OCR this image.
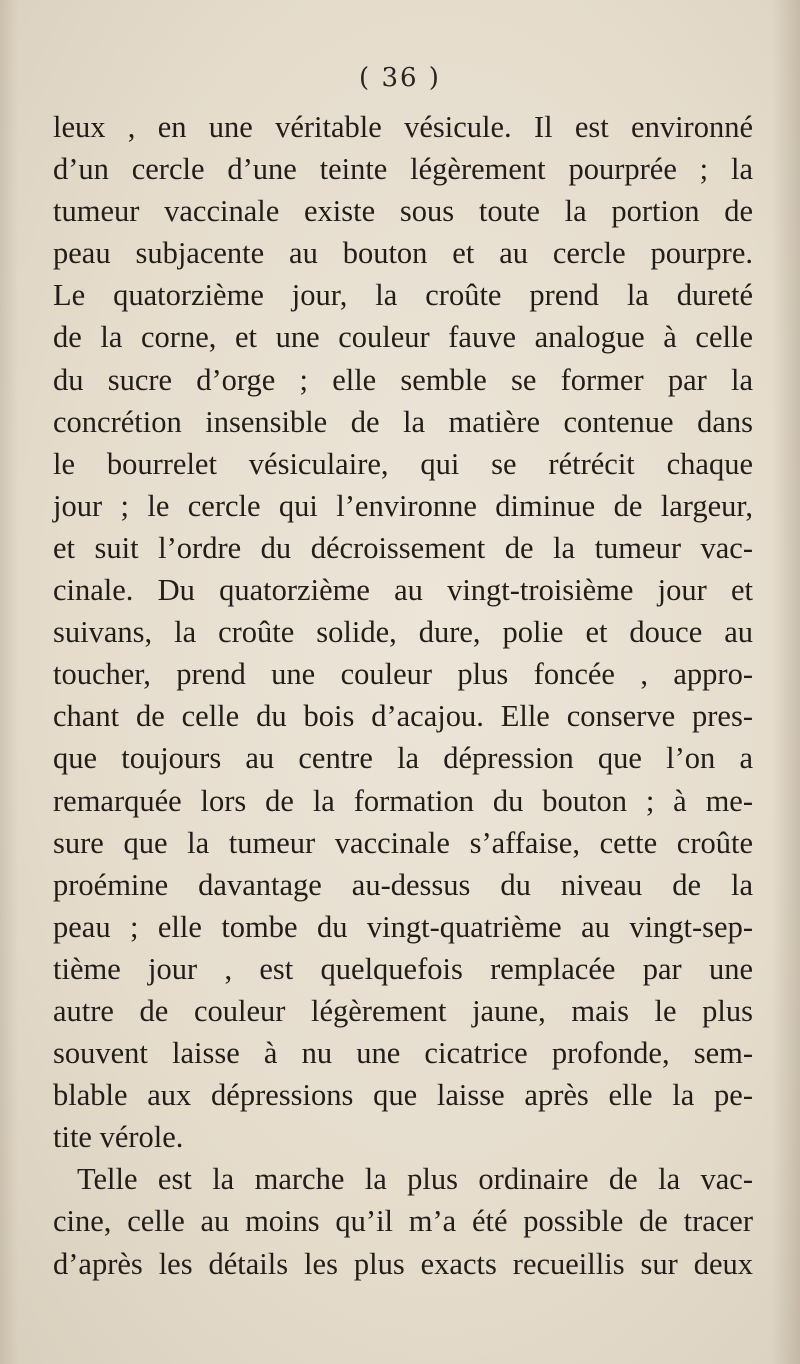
( 36 )
leux , en une véritable vésicule. Il est environné
d’un cercle d’une teinte légèrement pourprée ; la
tumeur vaccinale existe sous toute la portion de
peau subjacente au bouton et au cercle pourpre.
Le quatorzième jour, la croûte prend la dureté
de la corne, et une couleur fauve analogue à celle
du sucre d’orge ; elle semble se former par la
concrétion insensible de la matière contenue dans
le bourrelet vésiculaire, qui se rétrécit chaque
jour ; le cercle qui l’environne diminue de largeur,
et suit l’ordre du décroissement de la tumeur vac-
cinale. Du quatorzième au vingt-troisième jour et
suivans, la croûte solide, dure, polie et douce au
toucher, prend une couleur plus foncée , appro-
chant de celle du bois d’acajou. Elle conserve pres-
que toujours au centre la dépression que l’on a
remarquée lors de la formation du bouton ; à me-
sure que la tumeur vaccinale s’affaise, cette croûte
proémine davantage au-dessus du niveau de la
peau ; elle tombe du vingt-quatrième au vingt-sep-
tième jour , est quelquefois remplacée par une
autre de couleur légèrement jaune, mais le plus
souvent laisse à nu une cicatrice profonde, sem-
blable aux dépressions que laisse après elle la pe-
tite vérole.
Telle est la marche la plus ordinaire de la vac-
cine, celle au moins qu’il m’a été possible de tracer
d’après les détails les plus exacts recueillis sur deux
